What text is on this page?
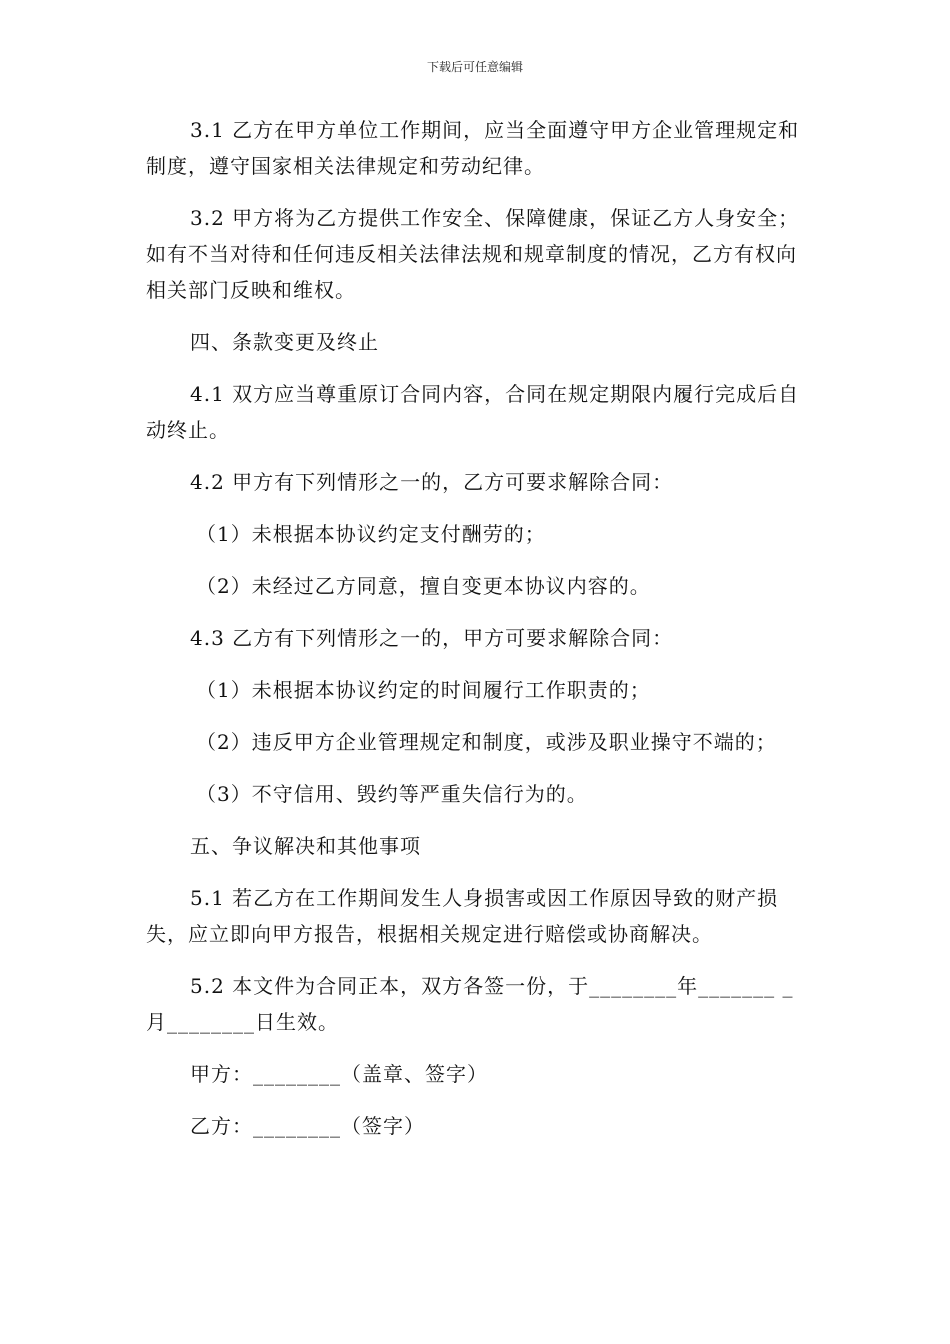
下载后可任意编辑

3.1 乙方在甲方单位工作期间，应当全面遵守甲方企业管理规定和制度，遵守国家相关法律规定和劳动纪律。

3.2 甲方将为乙方提供工作安全、保障健康，保证乙方人身安全；如有不当对待和任何违反相关法律法规和规章制度的情况，乙方有权向相关部门反映和维权。

四、条款变更及终止

4.1 双方应当尊重原订合同内容，合同在规定期限内履行完成后自动终止。

4.2 甲方有下列情形之一的，乙方可要求解除合同：

（1）未根据本协议约定支付酬劳的；

（2）未经过乙方同意，擅自变更本协议内容的。

4.3 乙方有下列情形之一的，甲方可要求解除合同：

（1）未根据本协议约定的时间履行工作职责的；

（2）违反甲方企业管理规定和制度，或涉及职业操守不端的；

（3）不守信用、毁约等严重失信行为的。

五、争议解决和其他事项

5.1 若乙方在工作期间发生人身损害或因工作原因导致的财产损失，应立即向甲方报告，根据相关规定进行赔偿或协商解决。

5.2 本文件为合同正本，双方各签一份，于________年_______ _月________日生效。

甲方：________（盖章、签字）

乙方：________（签字）
